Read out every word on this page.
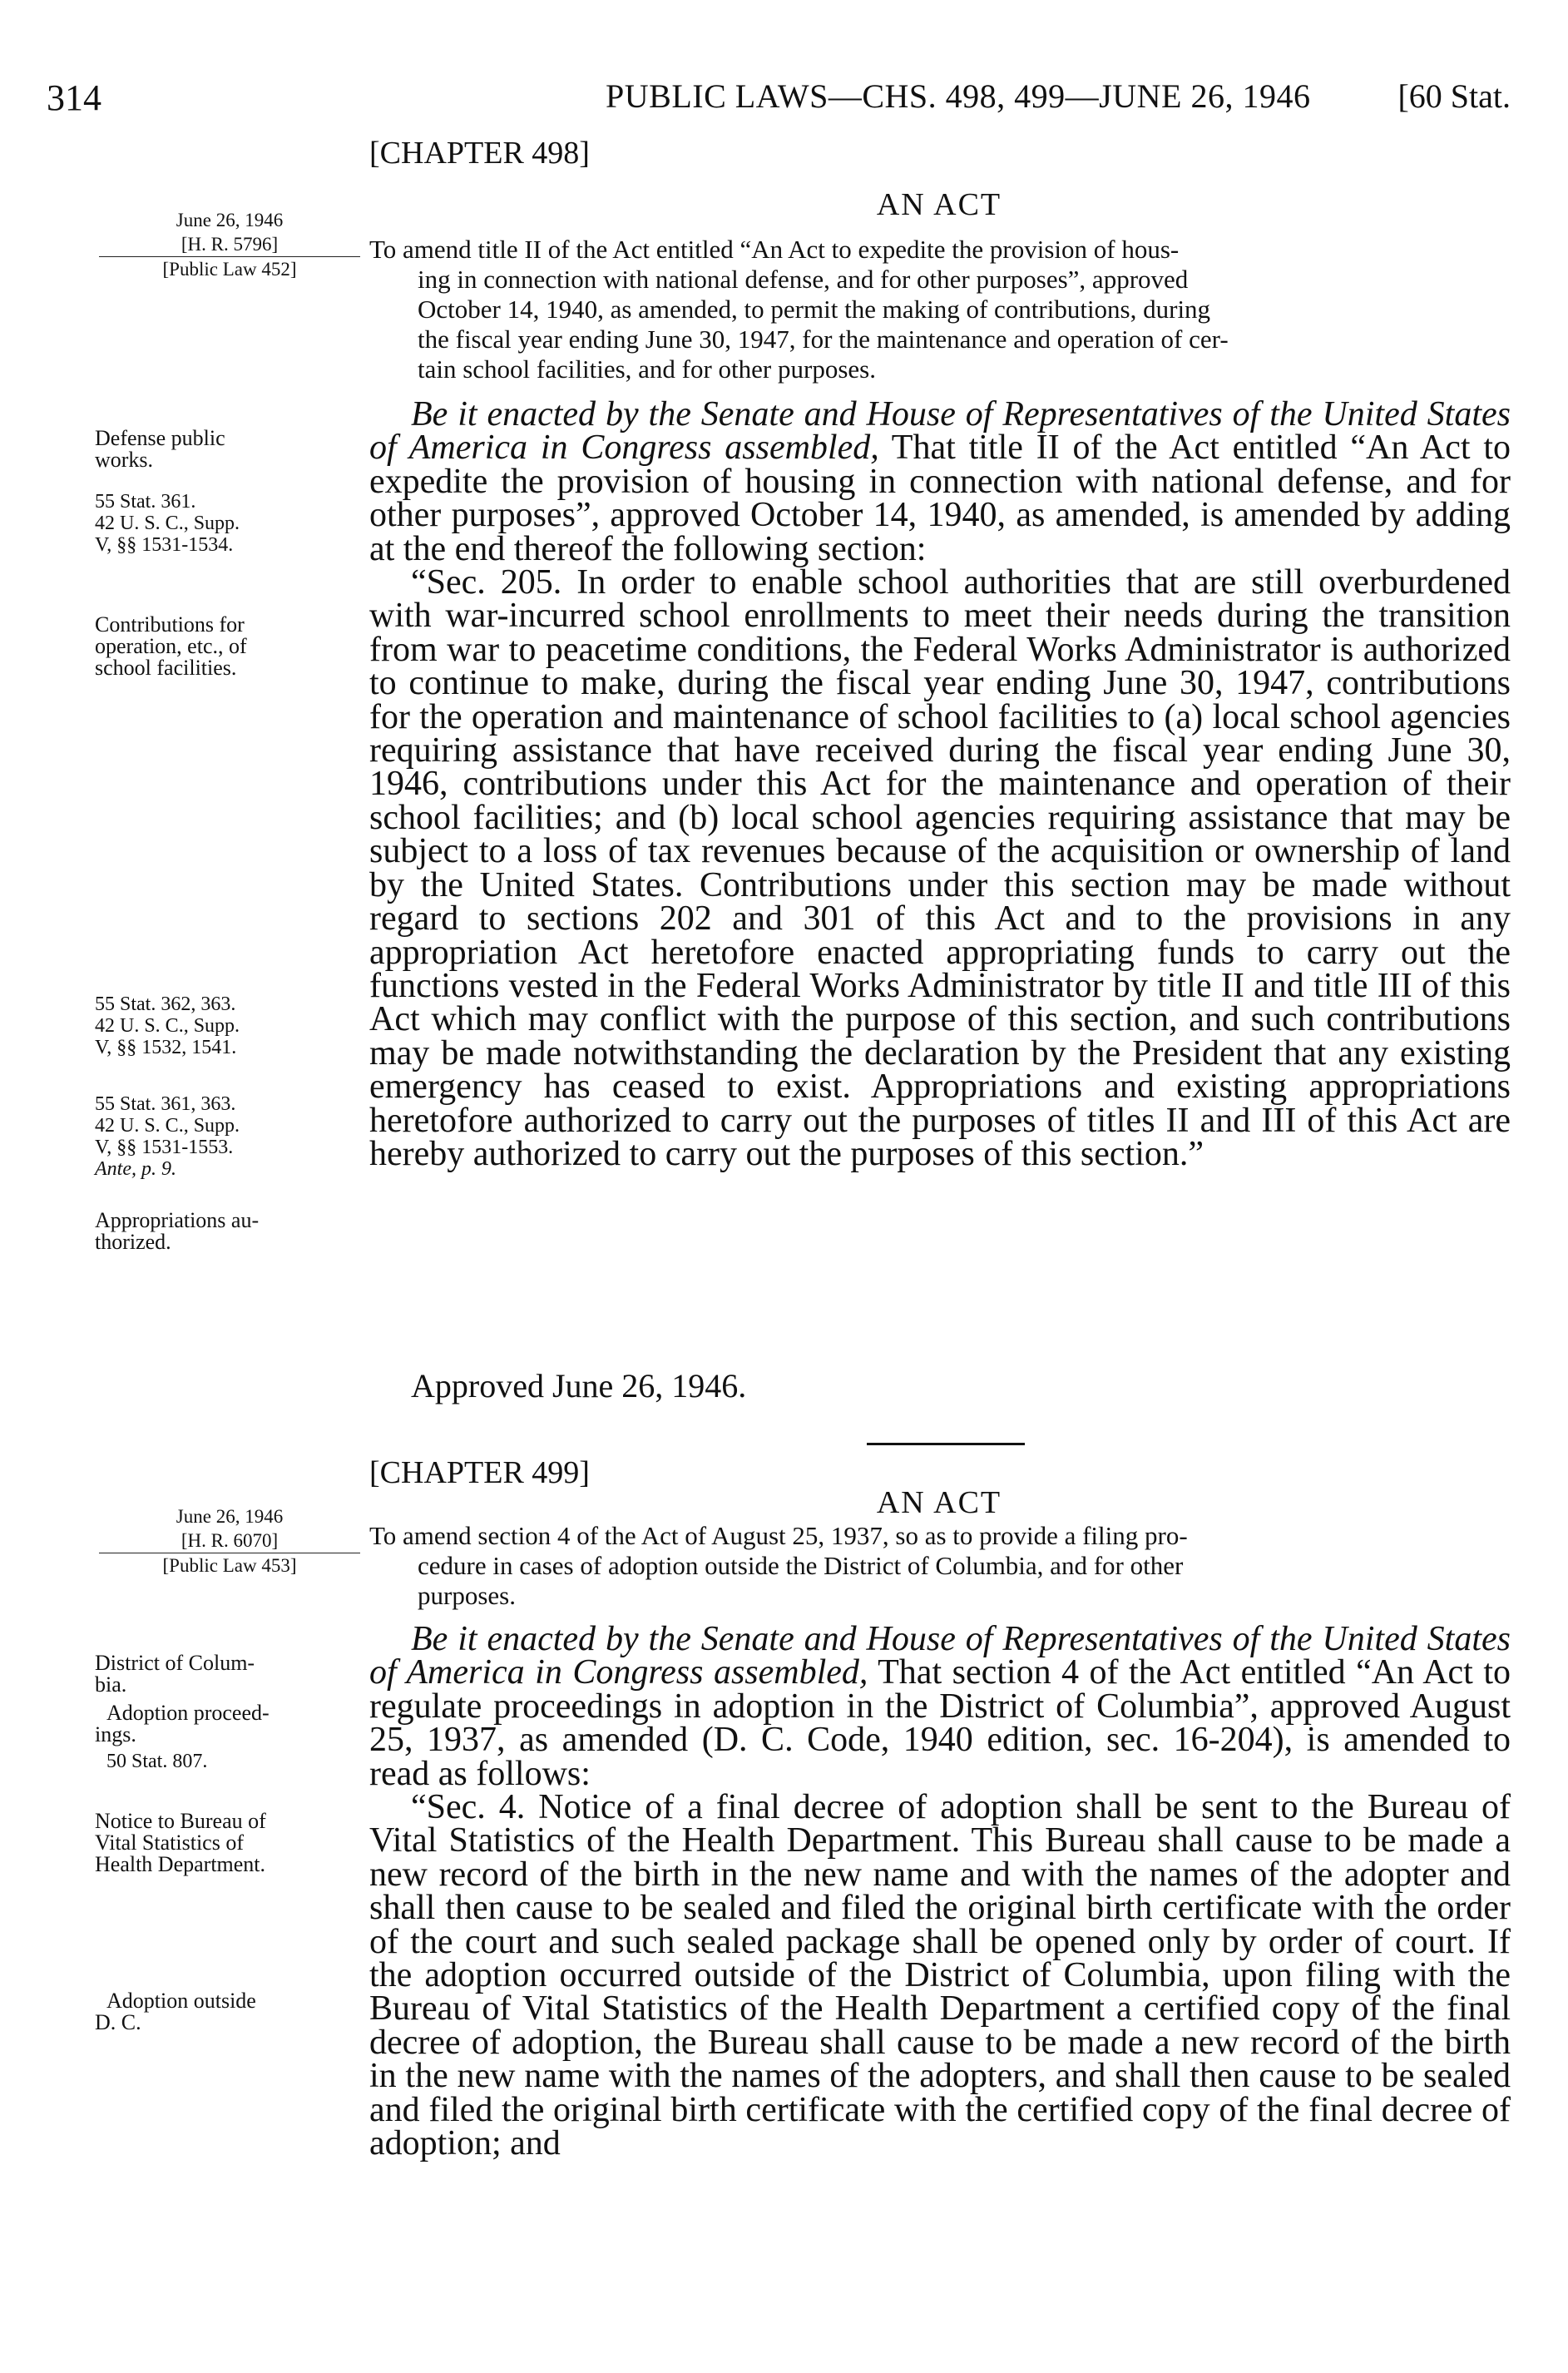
314	PUBLIC LAWS—CHS. 498, 499—JUNE 26, 1946	[60 Stat.
[CHAPTER 498]
AN ACT
June 26, 1946
[H. R. 5796]
[Public Law 452]
To amend title II of the Act entitled “An Act to expedite the provision of hous-
ing in connection with national defense, and for other purposes”, approved
October 14, 1940, as amended, to permit the making of contributions, during
the fiscal year ending June 30, 1947, for the maintenance and operation of cer-
tain school facilities, and for other purposes.

Be it enacted by the Senate and House of Representatives of the United States of America in Congress assembled, That title II of the Act entitled “An Act to expedite the provision of housing in connection with national defense, and for other purposes”, approved October 14, 1940, as amended, is amended by adding at the end thereof the following section:

“Sec. 205. In order to enable school authorities that are still overburdened with war-incurred school enrollments to meet their needs during the transition from war to peacetime conditions, the Federal Works Administrator is authorized to continue to make, during the fiscal year ending June 30, 1947, contributions for the operation and maintenance of school facilities to (a) local school agencies requiring assistance that have received during the fiscal year ending June 30, 1946, contributions under this Act for the maintenance and operation of their school facilities; and (b) local school agencies requiring assistance that may be subject to a loss of tax revenues because of the acquisition or ownership of land by the United States. Contributions under this section may be made without regard to sections 202 and 301 of this Act and to the provisions in any appropriation Act heretofore enacted appropriating funds to carry out the functions vested in the Federal Works Administrator by title II and title III of this Act which may conflict with the purpose of this section, and such contributions may be made notwithstanding the declaration by the President that any existing emergency has ceased to exist. Appropriations and existing appropriations heretofore authorized to carry out the purposes of titles II and III of this Act are hereby authorized to carry out the purposes of this section.”

Approved June 26, 1946.
Defense public
works.
55 Stat. 361.
42 U. S. C., Supp.
V, §§ 1531-1534.
Contributions for
operation, etc., of
school facilities.
55 Stat. 362, 363.
42 U. S. C., Supp.
V, §§ 1532, 1541.
55 Stat. 361, 363.
42 U. S. C., Supp.
V, §§ 1531-1553.
Ante, p. 9.
Appropriations au-
thorized.
[CHAPTER 499]
AN ACT
June 26, 1946
[H. R. 6070]
[Public Law 453]
To amend section 4 of the Act of August 25, 1937, so as to provide a filing pro-
cedure in cases of adoption outside the District of Columbia, and for other
purposes.

Be it enacted by the Senate and House of Representatives of the United States of America in Congress assembled, That section 4 of the Act entitled “An Act to regulate proceedings in adoption in the District of Columbia”, approved August 25, 1937, as amended (D. C. Code, 1940 edition, sec. 16-204), is amended to read as follows:

“Sec. 4. Notice of a final decree of adoption shall be sent to the Bureau of Vital Statistics of the Health Department. This Bureau shall cause to be made a new record of the birth in the new name and with the names of the adopter and shall then cause to be sealed and filed the original birth certificate with the order of the court and such sealed package shall be opened only by order of court. If the adoption occurred outside of the District of Columbia, upon filing with the Bureau of Vital Statistics of the Health Department a certified copy of the final decree of adoption, the Bureau shall cause to be made a new record of the birth in the new name with the names of the adopters, and shall then cause to be sealed and filed the original birth certificate with the certified copy of the final decree of adoption; and

District of Colum-
bia.
Adoption proceed-
ings.
50 Stat. 807.
Notice to Bureau of
Vital Statistics of
Health Department.
Adoption outside
D. C.
